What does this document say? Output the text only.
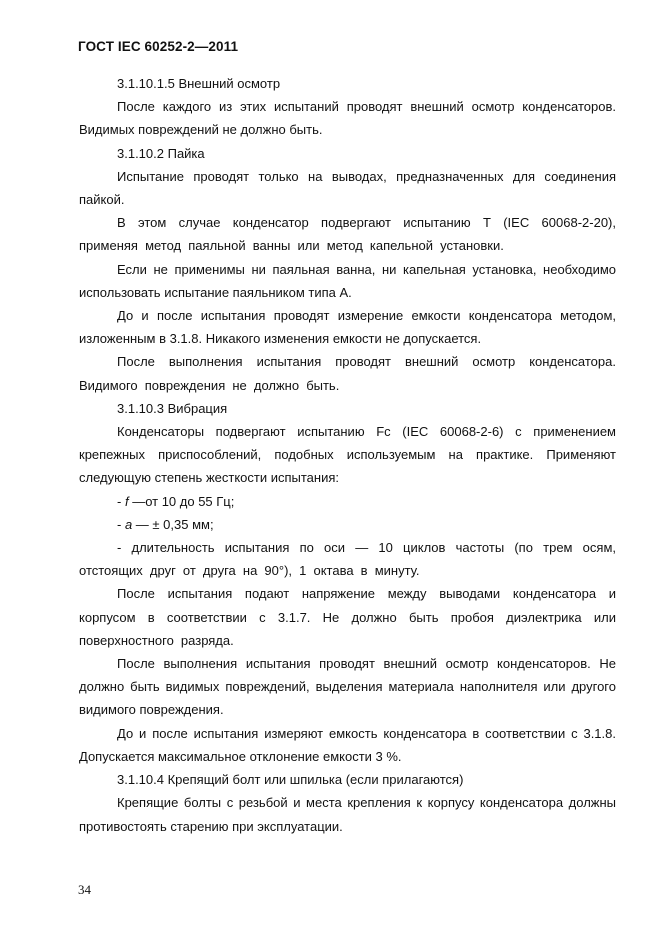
ГОСТ IEC 60252-2—2011

3.1.10.1.5 Внешний осмотр

После каждого из этих испытаний проводят внешний осмотр конденсаторов. Видимых повреждений не должно быть.

3.1.10.2 Пайка

Испытание проводят только на выводах, предназначенных для соединения пайкой.

В этом случае конденсатор подвергают испытанию Т (IEC 60068-2-20), применяя метод паяльной ванны или метод капельной установки.

Если не применимы ни паяльная ванна, ни капельная установка, необходимо использовать испытание паяльником типа А.

До и после испытания проводят измерение емкости конденсатора методом, изложенным в 3.1.8. Никакого изменения емкости не допускается.

После выполнения испытания проводят внешний осмотр конденсатора. Видимого повреждения не должно быть.

3.1.10.3 Вибрация

Конденсаторы подвергают испытанию Fc (IEC 60068-2-6) с применением крепежных приспособлений, подобных используемым на практике. Применяют следующую степень жесткости испытания:

- f —от 10 до 55 Гц;

- a — ± 0,35 мм;

- длительность испытания по оси — 10 циклов частоты (по трем осям, отстоящих друг от друга на 90°), 1 октава в минуту.

После испытания подают напряжение между выводами конденсатора и корпусом в соответствии с 3.1.7. Не должно быть пробоя диэлектрика или поверхностного разряда.

После выполнения испытания проводят внешний осмотр конденсаторов. Не должно быть видимых повреждений, выделения материала наполнителя или другого видимого повреждения.

До и после испытания измеряют емкость конденсатора в соответствии с 3.1.8. Допускается максимальное отклонение емкости 3 %.

3.1.10.4 Крепящий болт или шпилька (если прилагаются)

Крепящие болты с резьбой и места крепления к корпусу конденсатора должны противостоять старению при эксплуатации.

34
